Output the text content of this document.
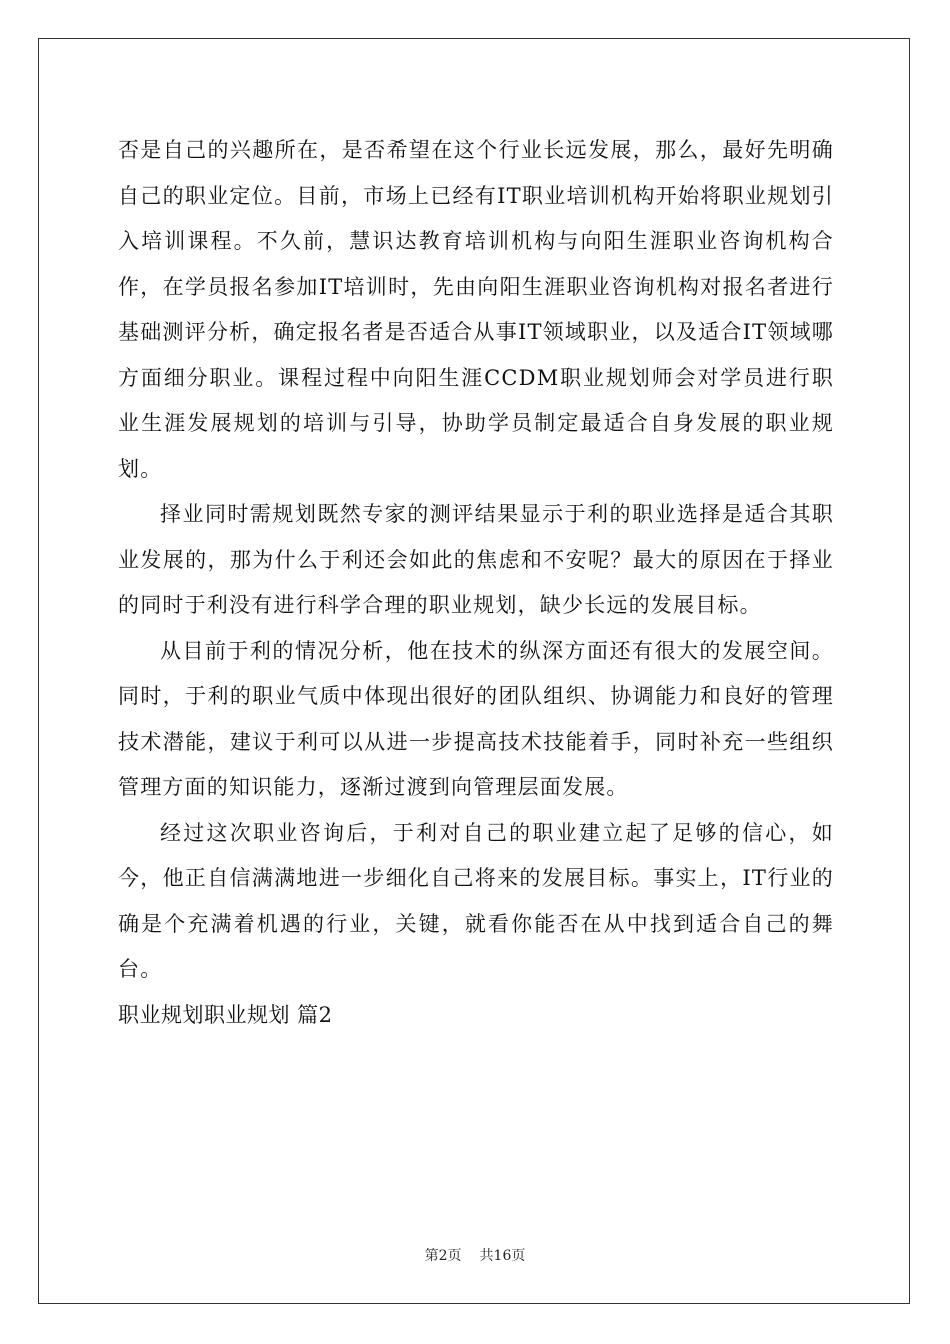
否是自己的兴趣所在，是否希望在这个行业长远发展，那么，最好先明确自己的职业定位。目前，市场上已经有IT职业培训机构开始将职业规划引入培训课程。不久前，慧识达教育培训机构与向阳生涯职业咨询机构合作，在学员报名参加IT培训时，先由向阳生涯职业咨询机构对报名者进行基础测评分析，确定报名者是否适合从事IT领域职业，以及适合IT领域哪方面细分职业。课程过程中向阳生涯CCDM职业规划师会对学员进行职业生涯发展规划的培训与引导，协助学员制定最适合自身发展的职业规划。

择业同时需规划既然专家的测评结果显示于利的职业选择是适合其职业发展的，那为什么于利还会如此的焦虑和不安呢？最大的原因在于择业的同时于利没有进行科学合理的职业规划，缺少长远的发展目标。

从目前于利的情况分析，他在技术的纵深方面还有很大的发展空间。同时，于利的职业气质中体现出很好的团队组织、协调能力和良好的管理技术潜能，建议于利可以从进一步提高技术技能着手，同时补充一些组织管理方面的知识能力，逐渐过渡到向管理层面发展。

经过这次职业咨询后，于利对自己的职业建立起了足够的信心，如今，他正自信满满地进一步细化自己将来的发展目标。事实上，IT行业的确是个充满着机遇的行业，关键，就看你能否在从中找到适合自己的舞台。

职业规划职业规划 篇2

第2页 共16页
